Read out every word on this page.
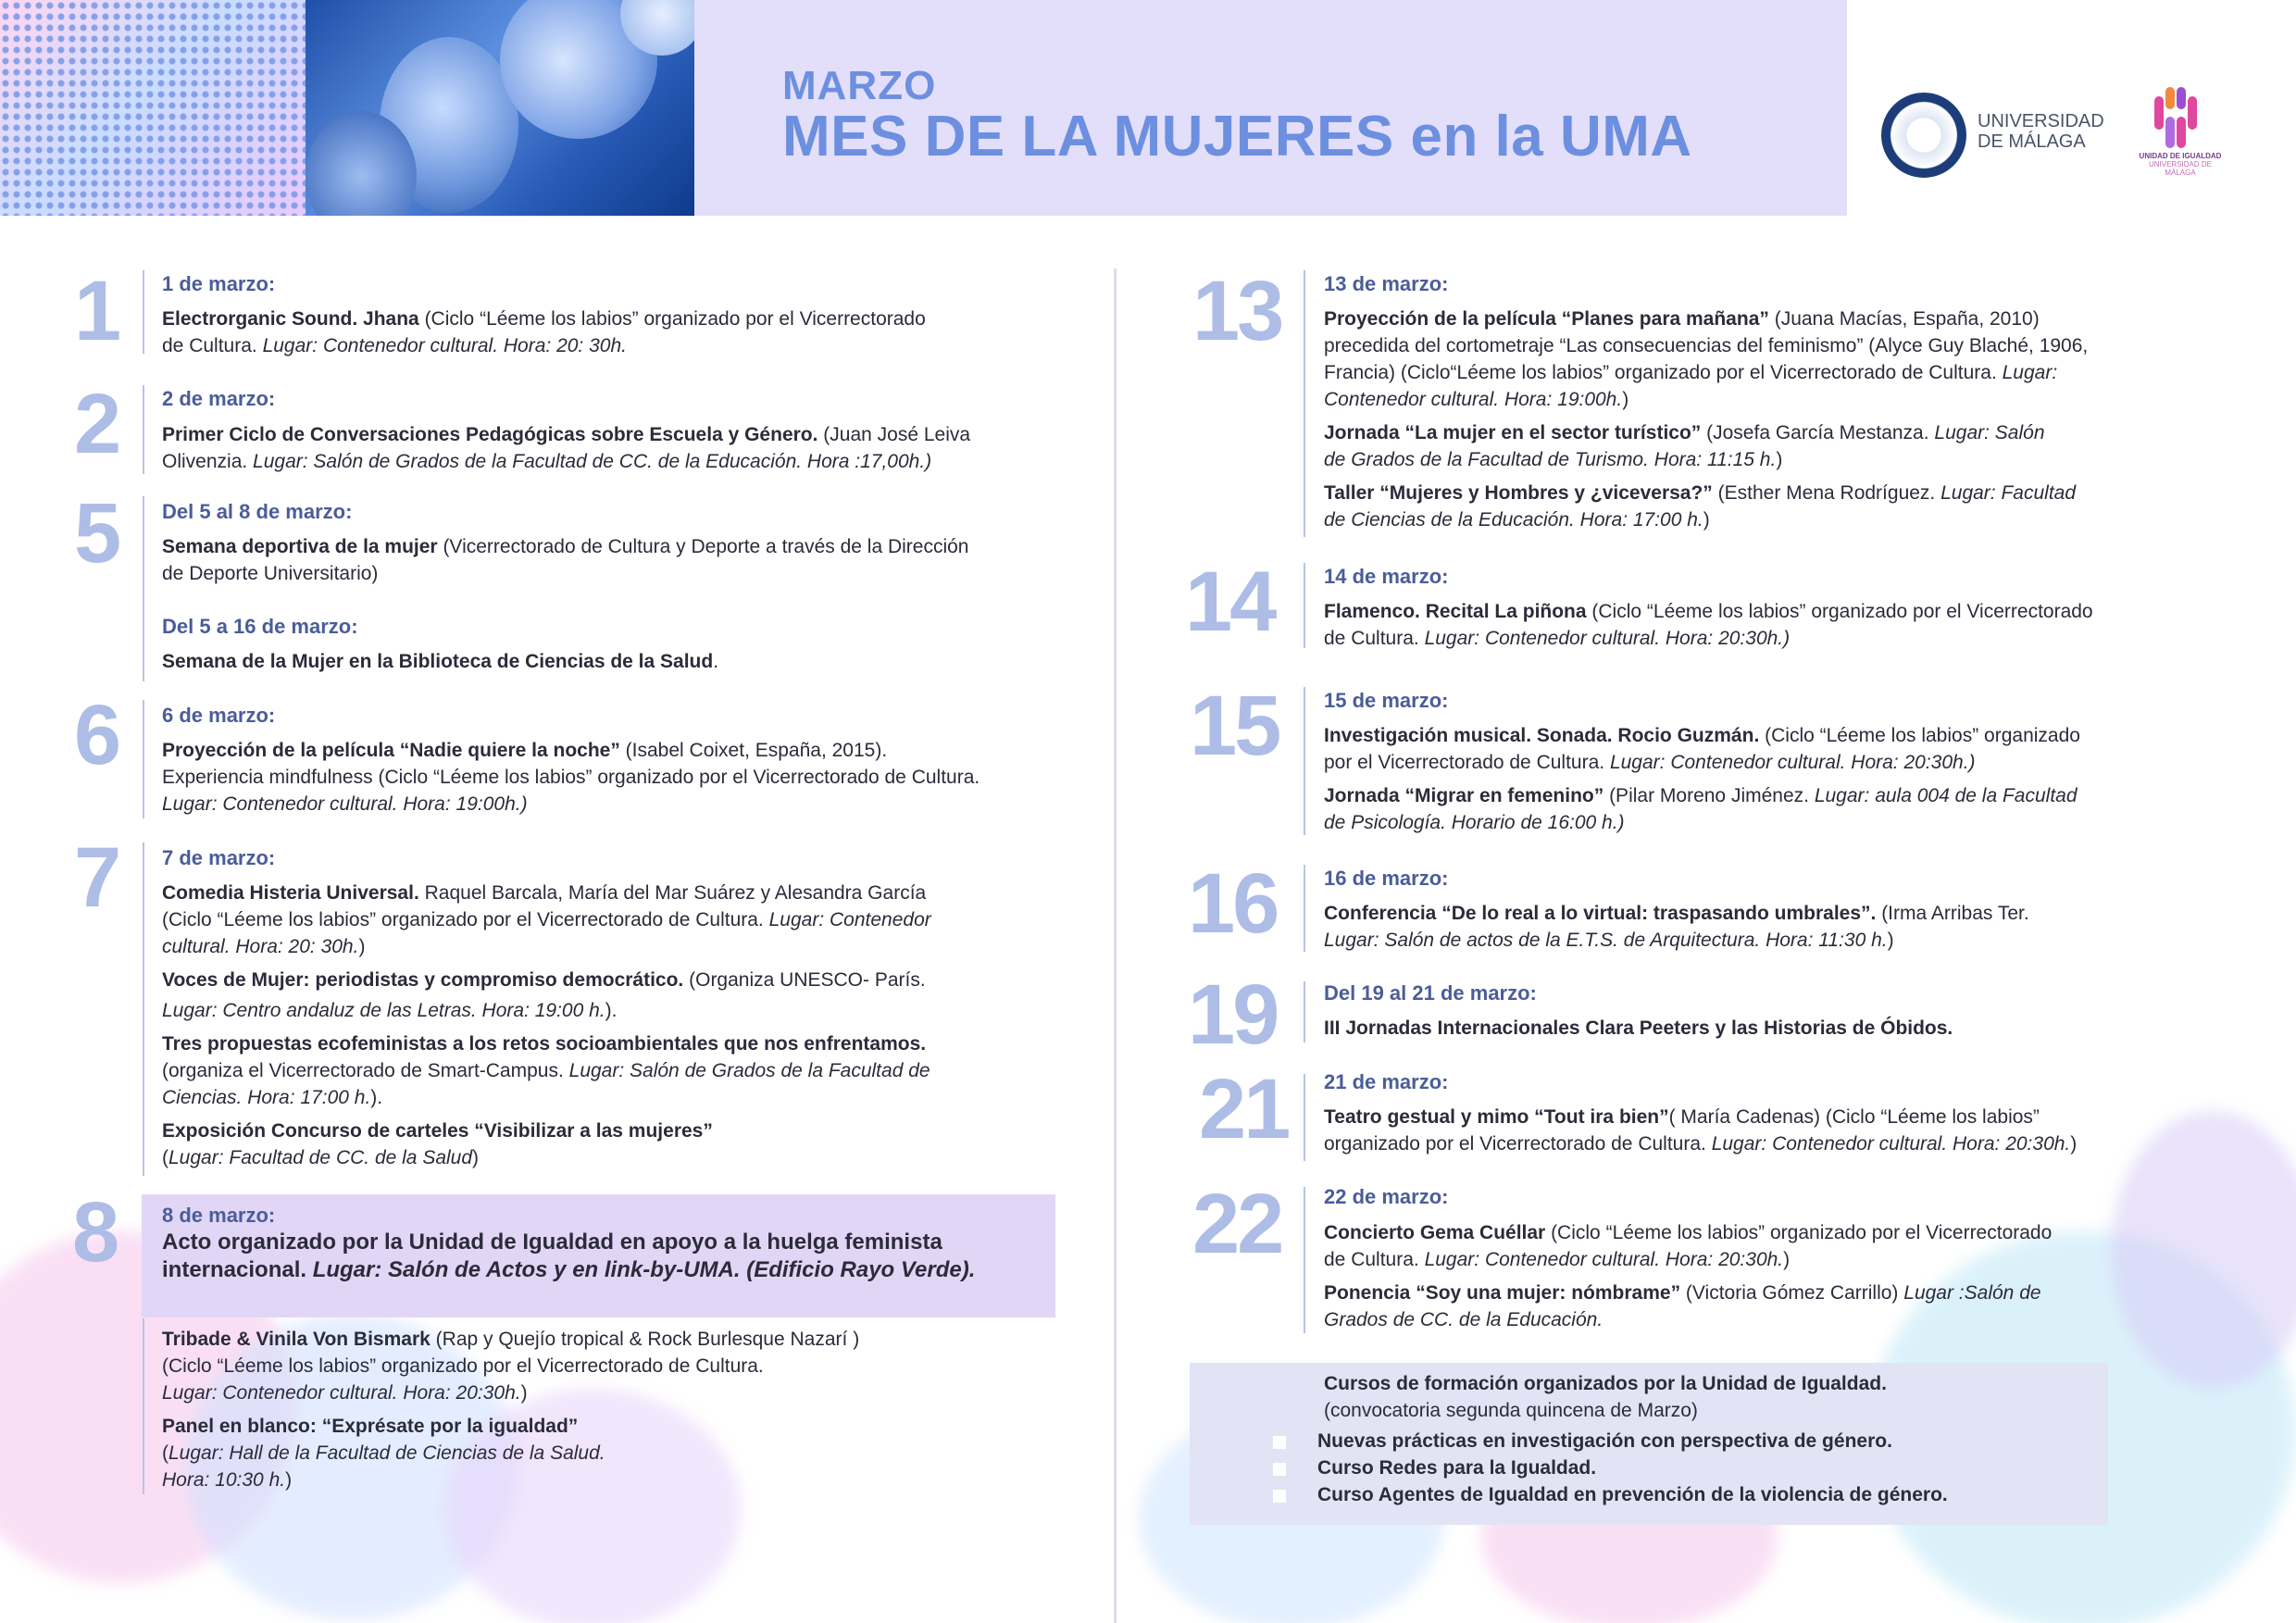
MARZO
MES DE LA MUJERES en la UMA	UNIVERSIDAD
DE MÁLAGA
UNIDAD DE IGUALDAD
UNIVERSIDAD DE MÁLAGA
1 1 de marzo:
Electrorganic Sound. Jhana (Ciclo “Léeme los labios” organizado por el Vicerrectorado
de Cultura. Lugar: Contenedor cultural. Hora: 20: 30h.
2 2 de marzo:
Primer Ciclo de Conversaciones Pedagógicas sobre Escuela y Género. (Juan José Leiva
Olivenzia. Lugar: Salón de Grados de la Facultad de CC. de la Educación. Hora :17,00h.)
5 Del 5 al 8 de marzo:
Semana deportiva de la mujer (Vicerrectorado de Cultura y Deporte a través de la Dirección
de Deporte Universitario)
Del 5 a 16 de marzo:
Semana de la Mujer en la Biblioteca de Ciencias de la Salud.
6 6 de marzo:
Proyección de la película “Nadie quiere la noche” (Isabel Coixet, España, 2015).
Experiencia mindfulness (Ciclo “Léeme los labios” organizado por el Vicerrectorado de Cultura.
Lugar: Contenedor cultural. Hora: 19:00h.)
7 7 de marzo:
Comedia Histeria Universal. Raquel Barcala, María del Mar Suárez y Alesandra García
(Ciclo “Léeme los labios” organizado por el Vicerrectorado de Cultura. Lugar: Contenedor
cultural. Hora: 20: 30h.)
Voces de Mujer: periodistas y compromiso democrático. (Organiza UNESCO- París.
Lugar: Centro andaluz de las Letras. Hora: 19:00 h.).
Tres propuestas ecofeministas a los retos socioambientales que nos enfrentamos.
(organiza el Vicerrectorado de Smart-Campus. Lugar: Salón de Grados de la Facultad de
Ciencias. Hora: 17:00 h.).
Exposición Concurso de carteles “Visibilizar a las mujeres”
(Lugar: Facultad de CC. de la Salud)
8 8 de marzo:
Acto organizado por la Unidad de Igualdad en apoyo a la huelga feminista
internacional. Lugar: Salón de Actos y en link-by-UMA. (Edificio Rayo Verde).
Tribade & Vinila Von Bismark (Rap y Quejío tropical & Rock Burlesque Nazarí )
(Ciclo “Léeme los labios” organizado por el Vicerrectorado de Cultura.
Lugar: Contenedor cultural. Hora: 20:30h.)
Panel en blanco: “Exprésate por la igualdad”
(Lugar: Hall de la Facultad de Ciencias de la Salud.
Hora: 10:30 h.)
13 13 de marzo:
Proyección de la película “Planes para mañana” (Juana Macías, España, 2010)
precedida del cortometraje “Las consecuencias del feminismo” (Alyce Guy Blaché, 1906,
Francia) (Ciclo“Léeme los labios” organizado por el Vicerrectorado de Cultura. Lugar:
Contenedor cultural. Hora: 19:00h.)
Jornada “La mujer en el sector turístico” (Josefa García Mestanza. Lugar: Salón
de Grados de la Facultad de Turismo. Hora: 11:15 h.)
Taller “Mujeres y Hombres y ¿viceversa?” (Esther Mena Rodríguez. Lugar: Facultad
de Ciencias de la Educación. Hora: 17:00 h.)
14 14 de marzo:
Flamenco. Recital La piñona (Ciclo “Léeme los labios” organizado por el Vicerrectorado
de Cultura. Lugar: Contenedor cultural. Hora: 20:30h.)
15 15 de marzo:
Investigación musical. Sonada. Rocio Guzmán. (Ciclo “Léeme los labios” organizado
por el Vicerrectorado de Cultura. Lugar: Contenedor cultural. Hora: 20:30h.)
Jornada “Migrar en femenino” (Pilar Moreno Jiménez. Lugar: aula 004 de la Facultad
de Psicología. Horario de 16:00 h.)
16 16 de marzo:
Conferencia “De lo real a lo virtual: traspasando umbrales”. (Irma Arribas Ter.
Lugar: Salón de actos de la E.T.S. de Arquitectura. Hora: 11:30 h.)
19 Del 19 al 21 de marzo:
III Jornadas Internacionales Clara Peeters y las Historias de Óbidos.
21 21 de marzo:
Teatro gestual y mimo “Tout ira bien”( María Cadenas) (Ciclo “Léeme los labios”
organizado por el Vicerrectorado de Cultura. Lugar: Contenedor cultural. Hora: 20:30h.)
22 22 de marzo:
Concierto Gema Cuéllar (Ciclo “Léeme los labios” organizado por el Vicerrectorado
de Cultura. Lugar: Contenedor cultural. Hora: 20:30h.)
Ponencia “Soy una mujer: nómbrame” (Victoria Gómez Carrillo) Lugar :Salón de
Grados de CC. de la Educación.
Cursos de formación organizados por la Unidad de Igualdad.
(convocatoria segunda quincena de Marzo)
Nuevas prácticas en investigación con perspectiva de género.
Curso Redes para la Igualdad.
Curso Agentes de Igualdad en prevención de la violencia de género.
